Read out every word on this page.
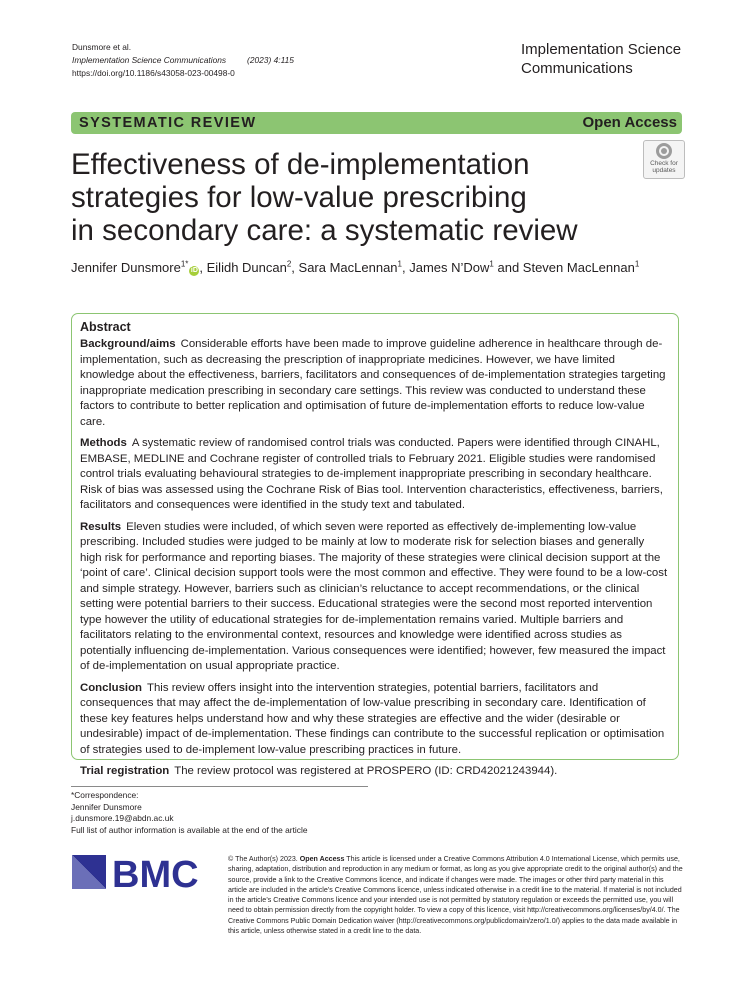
Dunsmore et al.
Implementation Science Communications (2023) 4:115
https://doi.org/10.1186/s43058-023-00498-0
Implementation Science
Communications
SYSTEMATIC REVIEW	Open Access
Check for
updates
Effectiveness of de-implementation
strategies for low-value prescribing
in secondary care: a systematic review
Jennifer Dunsmore$^{1*}$iD , Eilidh Duncan$^2$, Sara MacLennan$^1$, James N’Dow$^1$ and Steven MacLennan$^1$
Abstract

Background/aims Considerable efforts have been made to improve guideline adherence in healthcare through de-implementation, such as decreasing the prescription of inappropriate medicines. However, we have limited knowledge about the effectiveness, barriers, facilitators and consequences of de-implementation strategies targeting inappropriate medication prescribing in secondary care settings. This review was conducted to understand these factors to contribute to better replication and optimisation of future de-implementation efforts to reduce low-value care.

Methods A systematic review of randomised control trials was conducted. Papers were identified through CINAHL, EMBASE, MEDLINE and Cochrane register of controlled trials to February 2021. Eligible studies were randomised control trials evaluating behavioural strategies to de-implement inappropriate prescribing in secondary healthcare. Risk of bias was assessed using the Cochrane Risk of Bias tool. Intervention characteristics, effectiveness, barriers, facilitators and consequences were identified in the study text and tabulated.

Results Eleven studies were included, of which seven were reported as effectively de-implementing low-value prescribing. Included studies were judged to be mainly at low to moderate risk for selection biases and generally high risk for performance and reporting biases. The majority of these strategies were clinical decision support at the ‘point of care’. Clinical decision support tools were the most common and effective. They were found to be a low-cost and simple strategy. However, barriers such as clinician’s reluctance to accept recommendations, or the clinical setting were potential barriers to their success. Educational strategies were the second most reported intervention type however the utility of educational strategies for de-implementation remains varied. Multiple barriers and facilitators relating to the environmental context, resources and knowledge were identified across studies as potentially influencing de-implementation. Various consequences were identified; however, few measured the impact of de-implementation on usual appropriate practice.

Conclusion This review offers insight into the intervention strategies, potential barriers, facilitators and consequences that may affect the de-implementation of low-value prescribing in secondary care. Identification of these key features helps understand how and why these strategies are effective and the wider (desirable or undesirable) impact of de-implementation. These findings can contribute to the successful replication or optimisation of strategies used to de-implement low-value prescribing practices in future.

Trial registration The review protocol was registered at PROSPERO (ID: CRD42021243944).

*Correspondence:
Jennifer Dunsmore
j.dunsmore.19@abdn.ac.uk
Full list of author information is available at the end of the article
BMC	© The Author(s) 2023. Open Access This article is licensed under a Creative Commons Attribution 4.0 International License, which permits use, sharing, adaptation, distribution and reproduction in any medium or format, as long as you give appropriate credit to the original author(s) and the source, provide a link to the Creative Commons licence, and indicate if changes were made. The images or other third party material in this article are included in the article’s Creative Commons licence, unless indicated otherwise in a credit line to the material. If material is not included in the article’s Creative Commons licence and your intended use is not permitted by statutory regulation or exceeds the permitted use, you will need to obtain permission directly from the copyright holder. To view a copy of this licence, visit http://creativecommons.org/licenses/by/4.0/. The Creative Commons Public Domain Dedication waiver (http://creativecommons.org/publicdomain/zero/1.0/) applies to the data made available in this article, unless otherwise stated in a credit line to the data.
